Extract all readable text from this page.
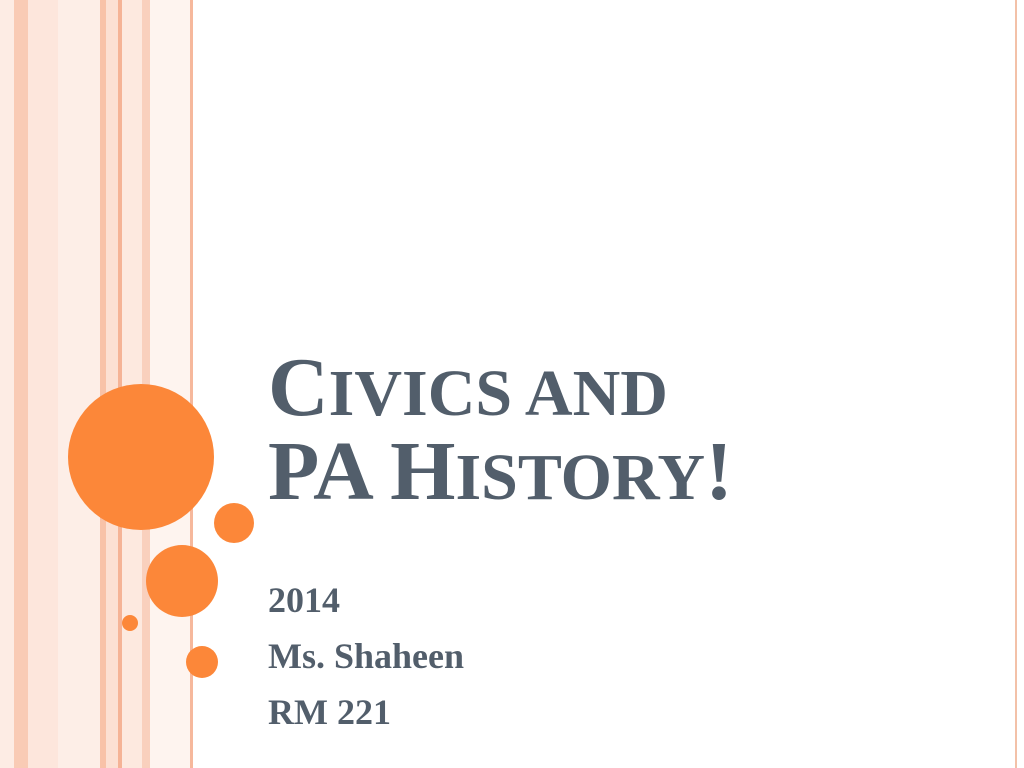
CIVICS AND
PA HISTORY!
2014
Ms. Shaheen
RM 221
